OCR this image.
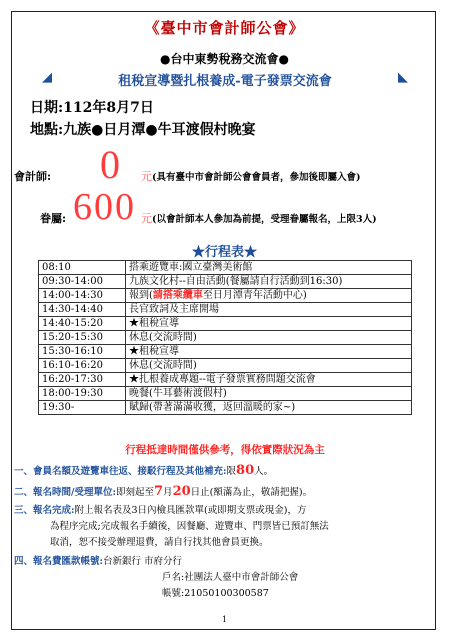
《臺中市會計師公會》
●台中東勢稅務交流會●
◢	租稅宣導暨扎根養成-電子發票交流會	◣
日期:112年8月7日
地點:九族●日月潭●牛耳渡假村晚宴
會計師: 0 元(具有臺中市會計師公會會員者，參加後即屬入會)
眷屬: 600 元(以會計師本人參加為前提，受理眷屬報名，上限3人)
★行程表★
08:10	搭乘遊覽車:國立臺灣美術館
09:30-14:00	九族文化村--自由活動(餐屬請自行活動到16:30)
14:00-14:30	報到(請搭乘纜車至日月潭青年活動中心)
14:30-14:40	長官致詞及主席開場
14:40-15:20	★租稅宣導
15:20-15:30	休息(交流時間)
15:30-16:10	★租稅宣導
16:10-16:20	休息(交流時間)
16:20-17:30	★扎根養成專題--電子發票實務問題交流會
18:00-19:30	晚餐(牛耳藝術渡假村)
19:30-	賦歸(帶著滿滿收獲，返回溫暖的家~)
行程抵達時間僅供參考，得依實際狀況為主
一、會員名額及遊覽車往返、接駁行程及其他補充:限80人。
二、報名時間/受理單位:即刻起至7月20日止(額滿為止，敬請把握)。
三、報名完成:附上報名表及3日內檢具匯款單(或即期支票或現金)，方
為程序完成;完成報名手續後，因餐廳、遊覽車、門票皆已預訂無法
取消，恕不接受辦理退費，請自行找其他會員更換。
四、報名費匯款帳號:台新銀行 市府分行
戶名:社團法人臺中市會計師公會
帳號:21050100300587
1
